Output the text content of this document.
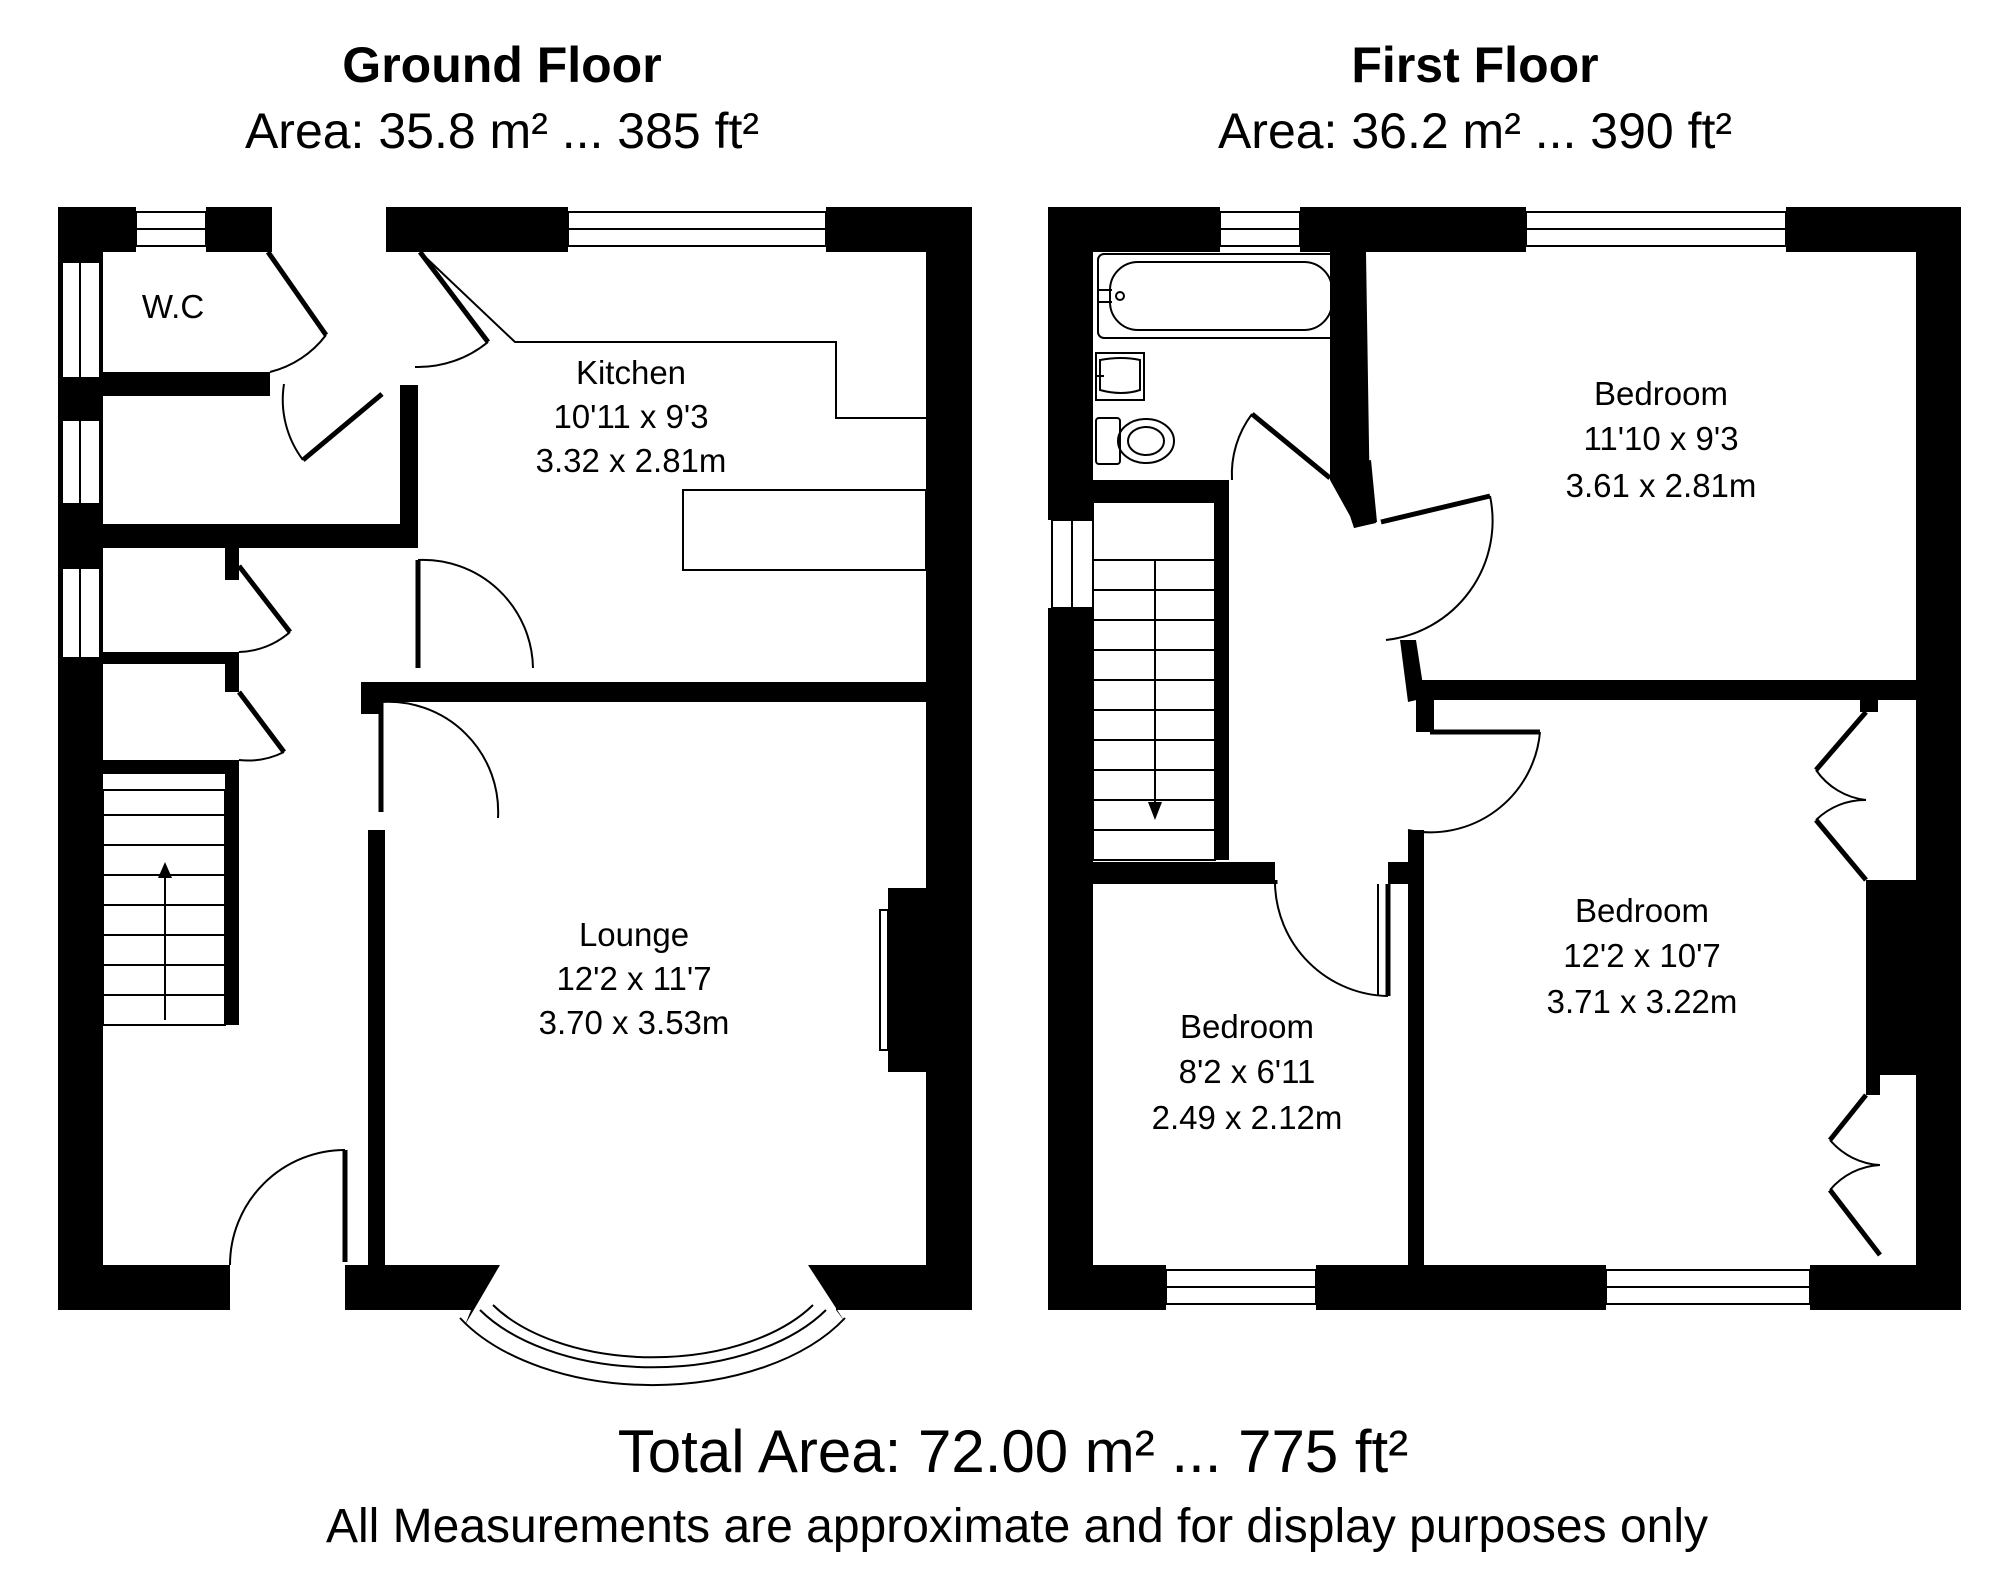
Ground Floor
Area: 35.8 m² ... 385 ft²
First Floor
Area: 36.2 m² ... 390 ft²
W.C
Kitchen
10'11 x 9'3
3.32 x 2.81m
Lounge
12'2 x 11'7
3.70 x 3.53m
Bedroom
11'10 x 9'3
3.61 x 2.81m
Bedroom
12'2 x 10'7
3.71 x 3.22m
Bedroom
8'2 x 6'11
2.49 x 2.12m
Total Area: 72.00 m² ... 775 ft²
All Measurements are approximate and for display purposes only
